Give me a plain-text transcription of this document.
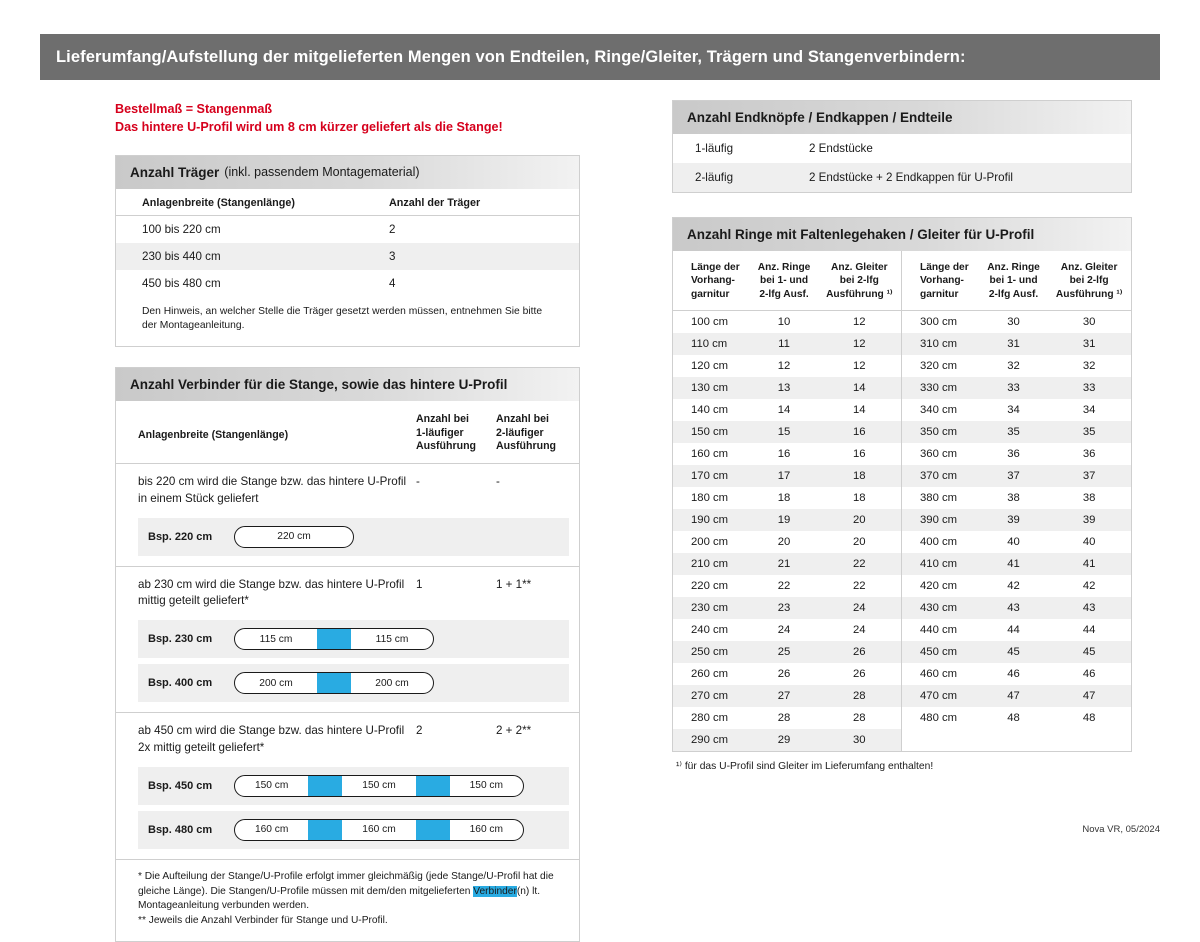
Lieferumfang/Aufstellung der mitgelieferten Mengen von Endteilen, Ringe/Gleiter, Trägern und Stangenverbindern:
Bestellmaß = Stangenmaß
Das hintere U-Profil wird um 8 cm kürzer geliefert als die Stange!
Anzahl Träger (inkl. passendem Montagematerial)
Anlagenbreite (Stangenlänge)	Anzahl der Träger
100 bis 220 cm	2
230 bis 440 cm	3
450 bis 480 cm	4
Den Hinweis, an welcher Stelle die Träger gesetzt werden müssen, entnehmen Sie bitte der Montageanleitung.
Anzahl Verbinder für die Stange, sowie das hintere U-Profil
Anlagenbreite (Stangenlänge)
Anzahl bei
1-läufiger
Ausführung
Anzahl bei
2-läufiger
Ausführung
bis 220 cm wird die Stange bzw. das hintere U-Profil
in einem Stück geliefert
-	-
Bsp. 220 cm	220 cm
ab 230 cm wird die Stange bzw. das hintere U-Profil
mittig geteilt geliefert*
1	1 + 1**
Bsp. 230 cm	115 cm	115 cm
Bsp. 400 cm	200 cm	200 cm
ab 450 cm wird die Stange bzw. das hintere U-Profil
2x mittig geteilt geliefert*
2	2 + 2**
Bsp. 450 cm	150 cm	150 cm	150 cm
Bsp. 480 cm	160 cm	160 cm	160 cm
* Die Aufteilung der Stange/U-Profile erfolgt immer gleichmäßig (jede Stange/U-Profil hat die gleiche Länge). Die Stangen/U-Profile müssen mit dem/den mitgelieferten Verbinder(n) lt. Montageanleitung verbunden werden.
** Jeweils die Anzahl Verbinder für Stange und U-Profil.
Anzahl Endknöpfe / Endkappen / Endteile
1-läufig	2 Endstücke
2-läufig	2 Endstücke + 2 Endkappen für U-Profil
Anzahl Ringe mit Faltenlegehaken / Gleiter für U-Profil
Länge der
Vorhang-
garnitur

Anz. Ringe
bei 1- und
2-lfg Ausf.

Anz. Gleiter
bei 2-lfg
Ausführung ¹⁾

100 cm	10	12
110 cm	11	12
120 cm	12	12
130 cm	13	14
140 cm	14	14
150 cm	15	16
160 cm	16	16
170 cm	17	18
180 cm	18	18
190 cm	19	20
200 cm	20	20
210 cm	21	22
220 cm	22	22
230 cm	23	24
240 cm	24	24
250 cm	25	26
260 cm	26	26
270 cm	27	28
280 cm	28	28
290 cm	29	30
Länge der
Vorhang-
garnitur

Anz. Ringe
bei 1- und
2-lfg Ausf.

Anz. Gleiter
bei 2-lfg
Ausführung ¹⁾

300 cm	30	30
310 cm	31	31
320 cm	32	32
330 cm	33	33
340 cm	34	34
350 cm	35	35
360 cm	36	36
370 cm	37	37
380 cm	38	38
390 cm	39	39
400 cm	40	40
410 cm	41	41
420 cm	42	42
430 cm	43	43
440 cm	44	44
450 cm	45	45
460 cm	46	46
470 cm	47	47
480 cm	48	48
¹⁾ für das U-Profil sind Gleiter im Lieferumfang enthalten!
Nova VR, 05/2024
